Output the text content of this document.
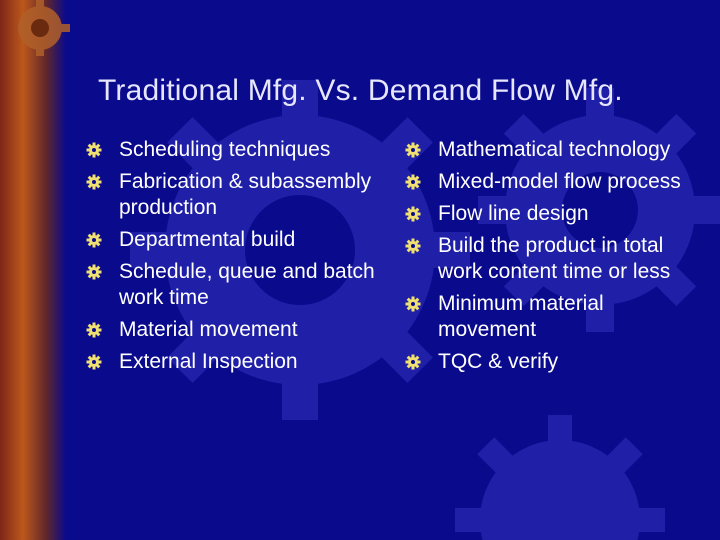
Traditional Mfg. Vs. Demand Flow Mfg.
Scheduling techniques
Fabrication & subassembly production
Departmental build
Schedule, queue and batch work time
Material movement
External Inspection
Mathematical technology
Mixed-model flow process
Flow line design
Build the product in total work content time or less
Minimum material movement
TQC & verify
